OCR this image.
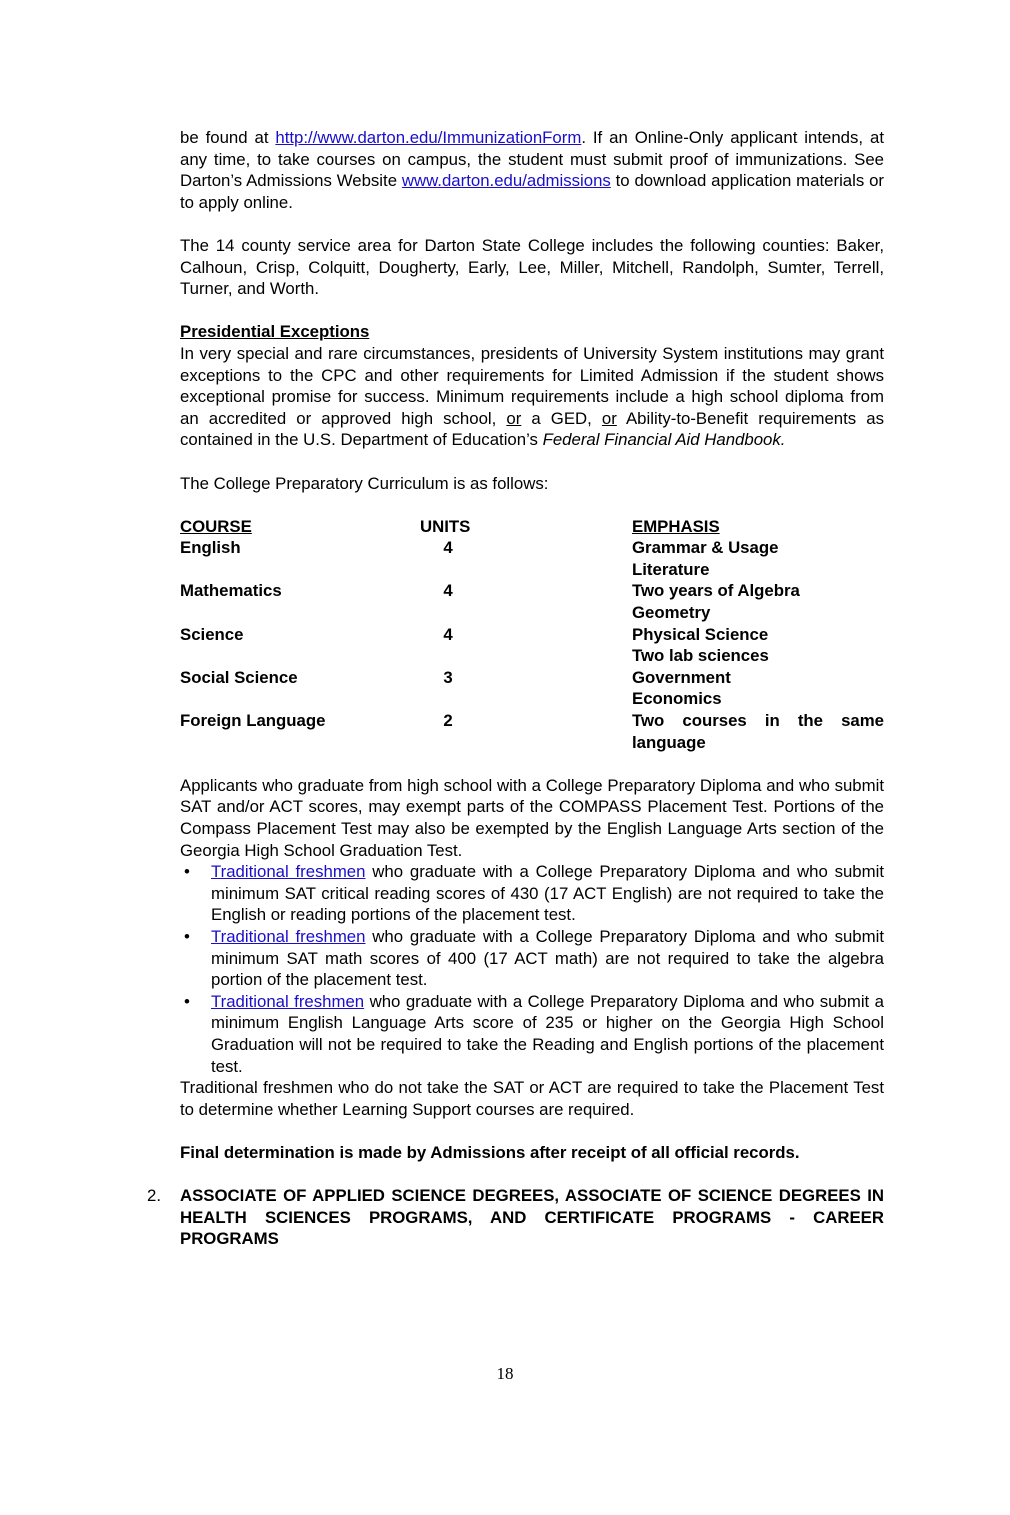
be found at http://www.darton.edu/ImmunizationForm. If an Online-Only applicant intends, at any time, to take courses on campus, the student must submit proof of immunizations. See Darton’s Admissions Website www.darton.edu/admissions to download application materials or to apply online.

The 14 county service area for Darton State College includes the following counties: Baker, Calhoun, Crisp, Colquitt, Dougherty, Early, Lee, Miller, Mitchell, Randolph, Sumter, Terrell, Turner, and Worth.

Presidential Exceptions
In very special and rare circumstances, presidents of University System institutions may grant exceptions to the CPC and other requirements for Limited Admission if the student shows exceptional promise for success. Minimum requirements include a high school diploma from an accredited or approved high school, or a GED, or Ability-to-Benefit requirements as contained in the U.S. Department of Education’s Federal Financial Aid Handbook.

The College Preparatory Curriculum is as follows:

COURSE	UNITS	EMPHASIS
English	4	Grammar & Usage
Literature
Mathematics	4	Two years of Algebra
Geometry
Science	4	Physical Science
Two lab sciences
Social Science	3	Government
Economics
Foreign Language	2	Two courses in the same
language

Applicants who graduate from high school with a College Preparatory Diploma and who submit SAT and/or ACT scores, may exempt parts of the COMPASS Placement Test. Portions of the Compass Placement Test may also be exempted by the English Language Arts section of the Georgia High School Graduation Test.

• Traditional freshmen who graduate with a College Preparatory Diploma and who submit minimum SAT critical reading scores of 430 (17 ACT English) are not required to take the English or reading portions of the placement test.
• Traditional freshmen who graduate with a College Preparatory Diploma and who submit minimum SAT math scores of 400 (17 ACT math) are not required to take the algebra portion of the placement test.
• Traditional freshmen who graduate with a College Preparatory Diploma and who submit a minimum English Language Arts score of 235 or higher on the Georgia High School Graduation will not be required to take the Reading and English portions of the placement test.

Traditional freshmen who do not take the SAT or ACT are required to take the Placement Test to determine whether Learning Support courses are required.

Final determination is made by Admissions after receipt of all official records.

2. ASSOCIATE OF APPLIED SCIENCE DEGREES, ASSOCIATE OF SCIENCE DEGREES IN HEALTH SCIENCES PROGRAMS, AND CERTIFICATE PROGRAMS - CAREER PROGRAMS

18
